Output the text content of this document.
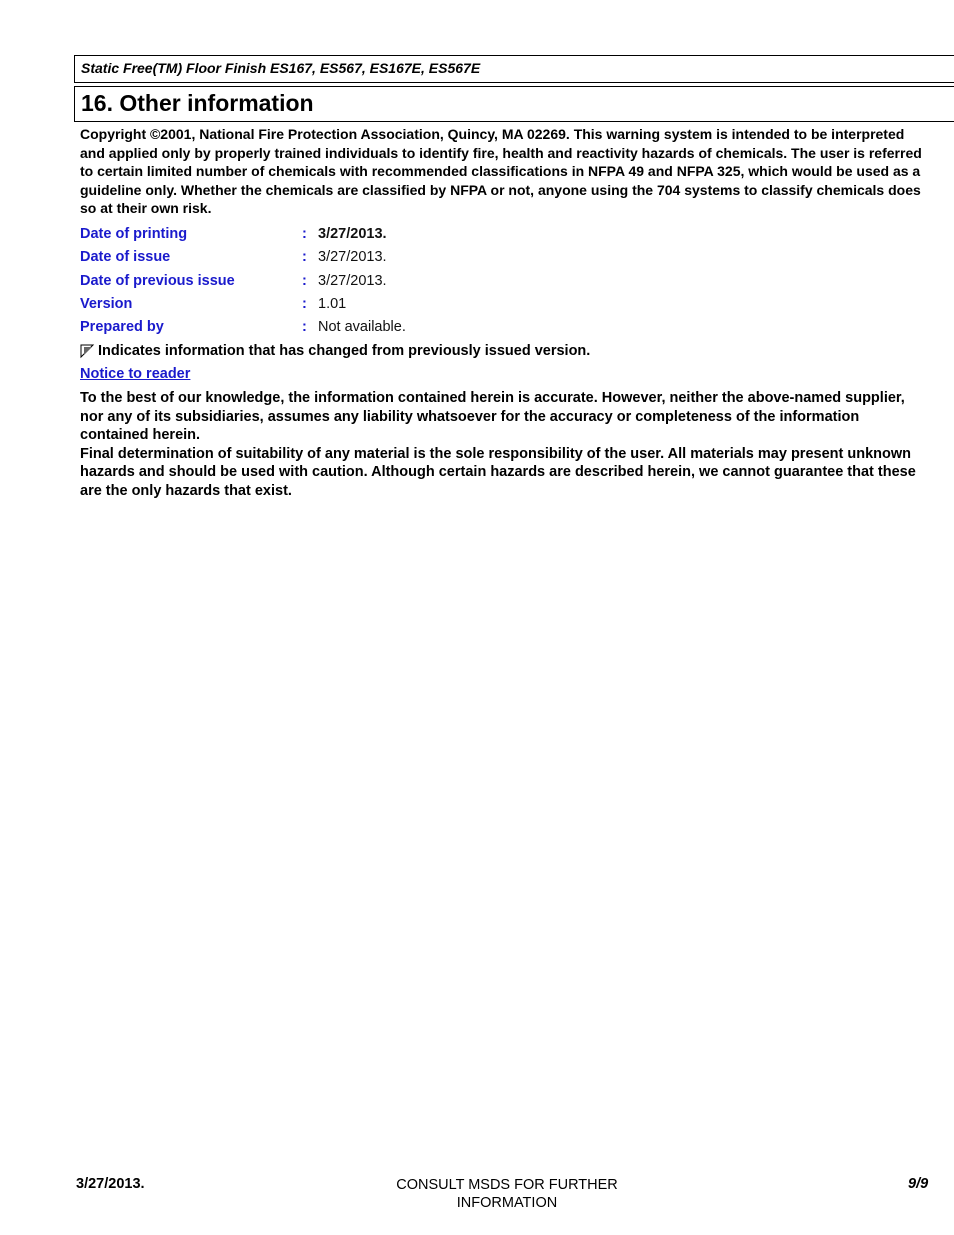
Static Free(TM) Floor Finish ES167, ES567, ES167E, ES567E
16. Other information
Copyright ©2001, National Fire Protection Association, Quincy, MA 02269. This warning system is intended to be interpreted and applied only by properly trained individuals to identify fire, health and reactivity hazards of chemicals. The user is referred to certain limited number of chemicals with recommended classifications in NFPA 49 and NFPA 325, which would be used as a guideline only. Whether the chemicals are classified by NFPA or not, anyone using the 704 systems to classify chemicals does so at their own risk.
Date of printing	: 3/27/2013.
Date of issue	: 3/27/2013.
Date of previous issue	: 3/27/2013.
Version	: 1.01
Prepared by	: Not available.
Indicates information that has changed from previously issued version.
Notice to reader

To the best of our knowledge, the information contained herein is accurate. However, neither the above-named supplier, nor any of its subsidiaries, assumes any liability whatsoever for the accuracy or completeness of the information contained herein.

Final determination of suitability of any material is the sole responsibility of the user. All materials may present unknown hazards and should be used with caution. Although certain hazards are described herein, we cannot guarantee that these are the only hazards that exist.

3/27/2013.	CONSULT MSDS FOR FURTHER
INFORMATION
9/9
